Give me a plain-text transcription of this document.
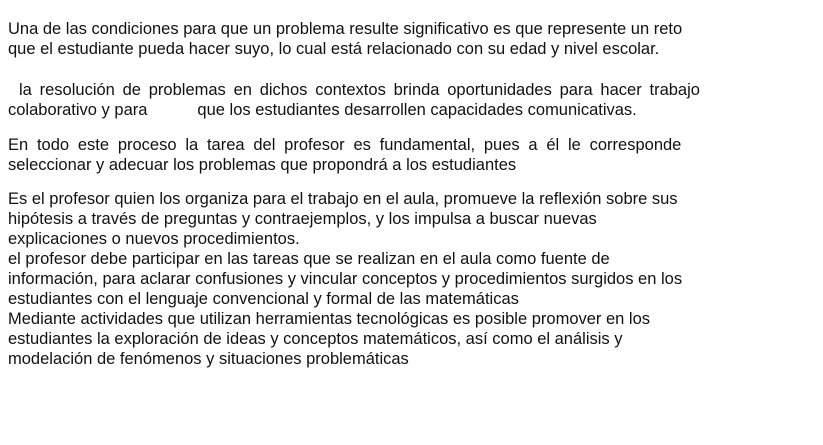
Una de las condiciones para que un problema resulte significativo es que represente un reto
que el estudiante pueda hacer suyo, lo cual está relacionado con su edad y nivel escolar.
la resolución de problemas en dichos contextos brinda oportunidades para hacer trabajo
colaborativo y para	que los estudiantes desarrollen capacidades comunicativas.
En todo este proceso la tarea del profesor es fundamental, pues a él le corresponde
seleccionar y adecuar los problemas que propondrá a los estudiantes
Es el profesor quien los organiza para el trabajo en el aula, promueve la reflexión sobre sus
hipótesis a través de preguntas y contraejemplos, y los impulsa a buscar nuevas
explicaciones o nuevos procedimientos.
el profesor debe participar en las tareas que se realizan en el aula como fuente de
información, para aclarar confusiones y vincular conceptos y procedimientos surgidos en los
estudiantes con el lenguaje convencional y formal de las matemáticas
Mediante actividades que utilizan herramientas tecnológicas es posible promover en los
estudiantes la exploración de ideas y conceptos matemáticos, así como el análisis y
modelación de fenómenos y situaciones problemáticas
